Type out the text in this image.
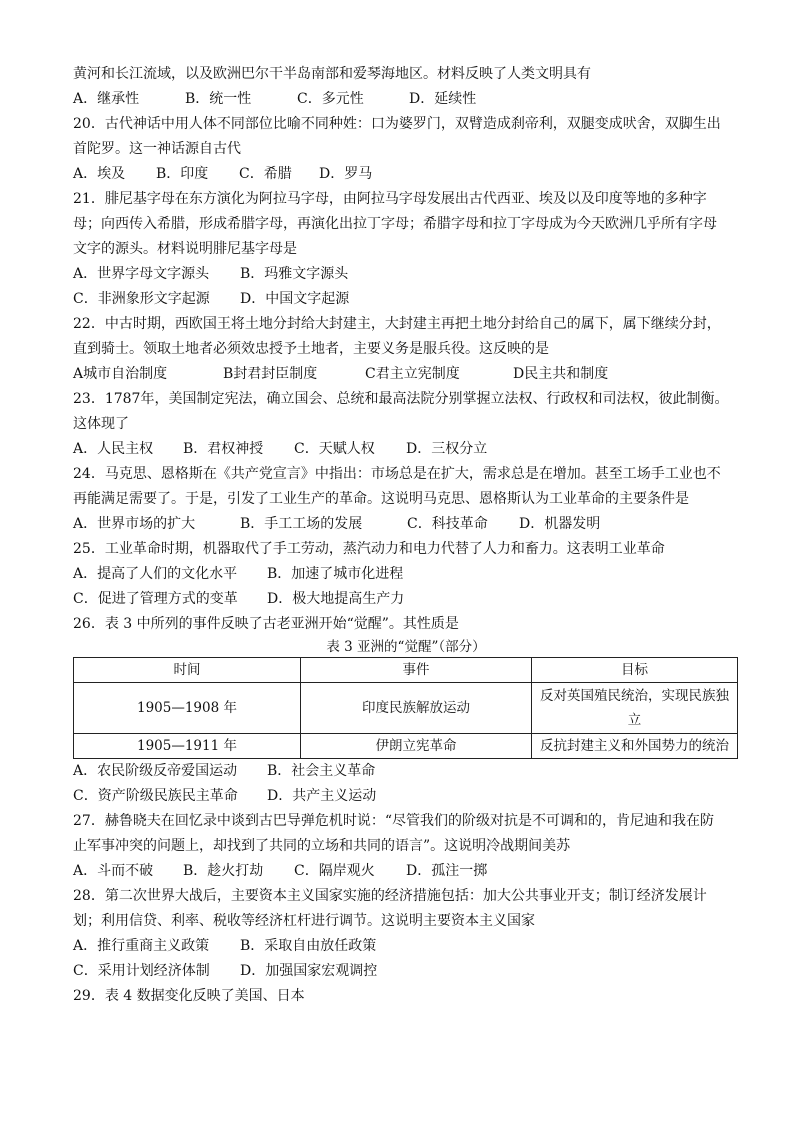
黄河和长江流域，以及欧洲巴尔干半岛南部和爱琴海地区。材料反映了人类文明具有
A．继承性	B．统一性	C．多元性	D．延续性
20．古代神话中用人体不同部位比喻不同种姓：口为婆罗门，双臂造成刹帝利，双腿变成吠舍，双脚生出
首陀罗。这一神话源自古代
A．埃及	B．印度	C．希腊	D．罗马
21．腓尼基字母在东方演化为阿拉马字母，由阿拉马字母发展出古代西亚、埃及以及印度等地的多种字
母；向西传入希腊，形成希腊字母，再演化出拉丁字母；希腊字母和拉丁字母成为今天欧洲几乎所有字母
文字的源头。材料说明腓尼基字母是
A．世界字母文字源头	B．玛雅文字源头
C．非洲象形文字起源	D．中国文字起源
22．中古时期，西欧国王将土地分封给大封建主，大封建主再把土地分封给自己的属下，属下继续分封，
直到骑士。领取土地者必须效忠授予土地者，主要义务是服兵役。这反映的是
A城市自治制度	B封君封臣制度	C君主立宪制度	D民主共和制度
23．1787年，美国制定宪法，确立国会、总统和最高法院分别掌握立法权、行政权和司法权，彼此制衡。
这体现了
A．人民主权	B．君权神授	C．天赋人权	D．三权分立
24．马克思、恩格斯在《共产党宣言》中指出：市场总是在扩大，需求总是在增加。甚至工场手工业也不
再能满足需要了。于是，引发了工业生产的革命。这说明马克思、恩格斯认为工业革命的主要条件是
A．世界市场的扩大	B．手工工场的发展	C．科技革命	D．机器发明
25．工业革命时期，机器取代了手工劳动，蒸汽动力和电力代替了人力和畜力。这表明工业革命
A．提高了人们的文化水平	B．加速了城市化进程
C．促进了管理方式的变革	D．极大地提高生产力
26．表 3 中所列的事件反映了古老亚洲开始“觉醒”。其性质是
表 3 亚洲的“觉醒”（部分）
时间	事件	目标
1905—1908 年	印度民族解放运动	反对英国殖民统治，实现民族独
立

1905—1911 年	伊朗立宪革命	反抗封建主义和外国势力的统治
A．农民阶级反帝爱国运动	B．社会主义革命
C．资产阶级民族民主革命	D．共产主义运动
27．赫鲁晓夫在回忆录中谈到古巴导弹危机时说：“尽管我们的阶级对抗是不可调和的，肯尼迪和我在防
止军事冲突的问题上，却找到了共同的立场和共同的语言”。这说明冷战期间美苏
A．斗而不破	B．趁火打劫	C．隔岸观火	D．孤注一掷
28．第二次世界大战后，主要资本主义国家实施的经济措施包括：加大公共事业开支；制订经济发展计
划；利用信贷、利率、税收等经济杠杆进行调节。这说明主要资本主义国家
A．推行重商主义政策	B．采取自由放任政策
C．采用计划经济体制	D．加强国家宏观调控
29．表 4 数据变化反映了美国、日本
